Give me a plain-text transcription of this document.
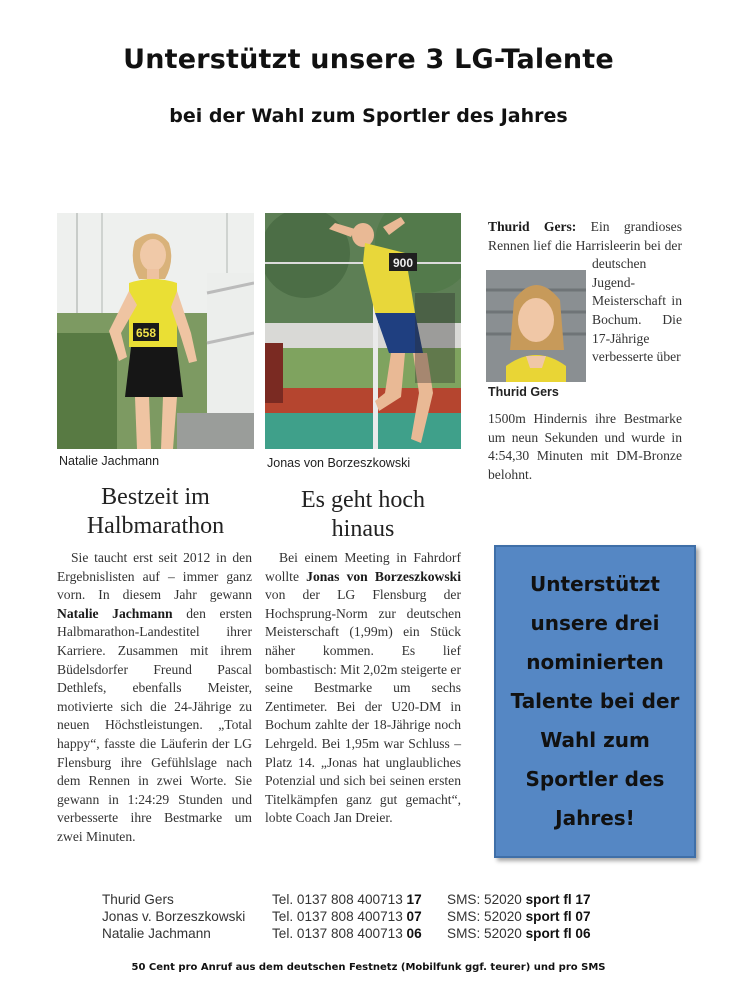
Unterstützt unsere 3 LG-Talente
bei der Wahl zum Sportler des Jahres
658
Natalie Jachmann
900
Jonas von Borzeszkowski
Bestzeit im
Halbmarathon
Es geht hoch
hinaus
Sie taucht erst seit 2012 in den Ergebnislisten auf – immer ganz vorn. In diesem Jahr gewann Natalie Jachmann den ersten Halbmarathon-Landestitel ihrer Karriere. Zusammen mit ihrem Büdelsdorfer Freund Pascal Dethlefs, ebenfalls Meister, motivierte sich die 24-Jährige zu neuen Höchstleistungen. „Total happy“, fasste die Läuferin der LG Flensburg ihre Gefühlslage nach dem Rennen in zwei Worte. Sie gewann in 1:24:29 Stunden und verbesserte ihre Bestmarke um zwei Minuten.
Bei einem Meeting in Fahrdorf wollte Jonas von Borzeszkowski von der LG Flensburg der Hochsprung-Norm zur deutschen Meisterschaft (1,99m) ein Stück näher kommen. Es lief bombastisch: Mit 2,02m steigerte er seine Bestmarke um sechs Zentimeter. Bei der U20-DM in Bochum zahlte der 18-Jährige noch Lehrgeld. Bei 1,95m war Schluss – Platz 14. „Jonas hat unglaubliches Potenzial und sich bei seinen ersten Titelkämpfen ganz gut gemacht“, lobte Coach Jan Dreier.
Thurid Gers
Thurid Gers: Ein grandioses Rennen lief die Harrisleerin bei der deutschen Jugend-Meisterschaft in Bochum. Die 17-Jährige verbesserte über
1500m Hindernis ihre Bestmarke um neun Sekunden und wurde in 4:54,30 Minuten mit DM-Bronze belohnt.
Unterstützt unsere drei nominierten Talente bei der Wahl zum Sportler des Jahres!
Thurid Gers	Tel. 0137 808 400713 17 SMS: 52020 sport fl 17
Jonas v. Borzeszkowski Tel. 0137 808 400713 07 SMS: 52020 sport fl 07
Natalie Jachmann	Tel. 0137 808 400713 06 SMS: 52020 sport fl 06
50 Cent pro Anruf aus dem deutschen Festnetz (Mobilfunk ggf. teurer) und pro SMS
